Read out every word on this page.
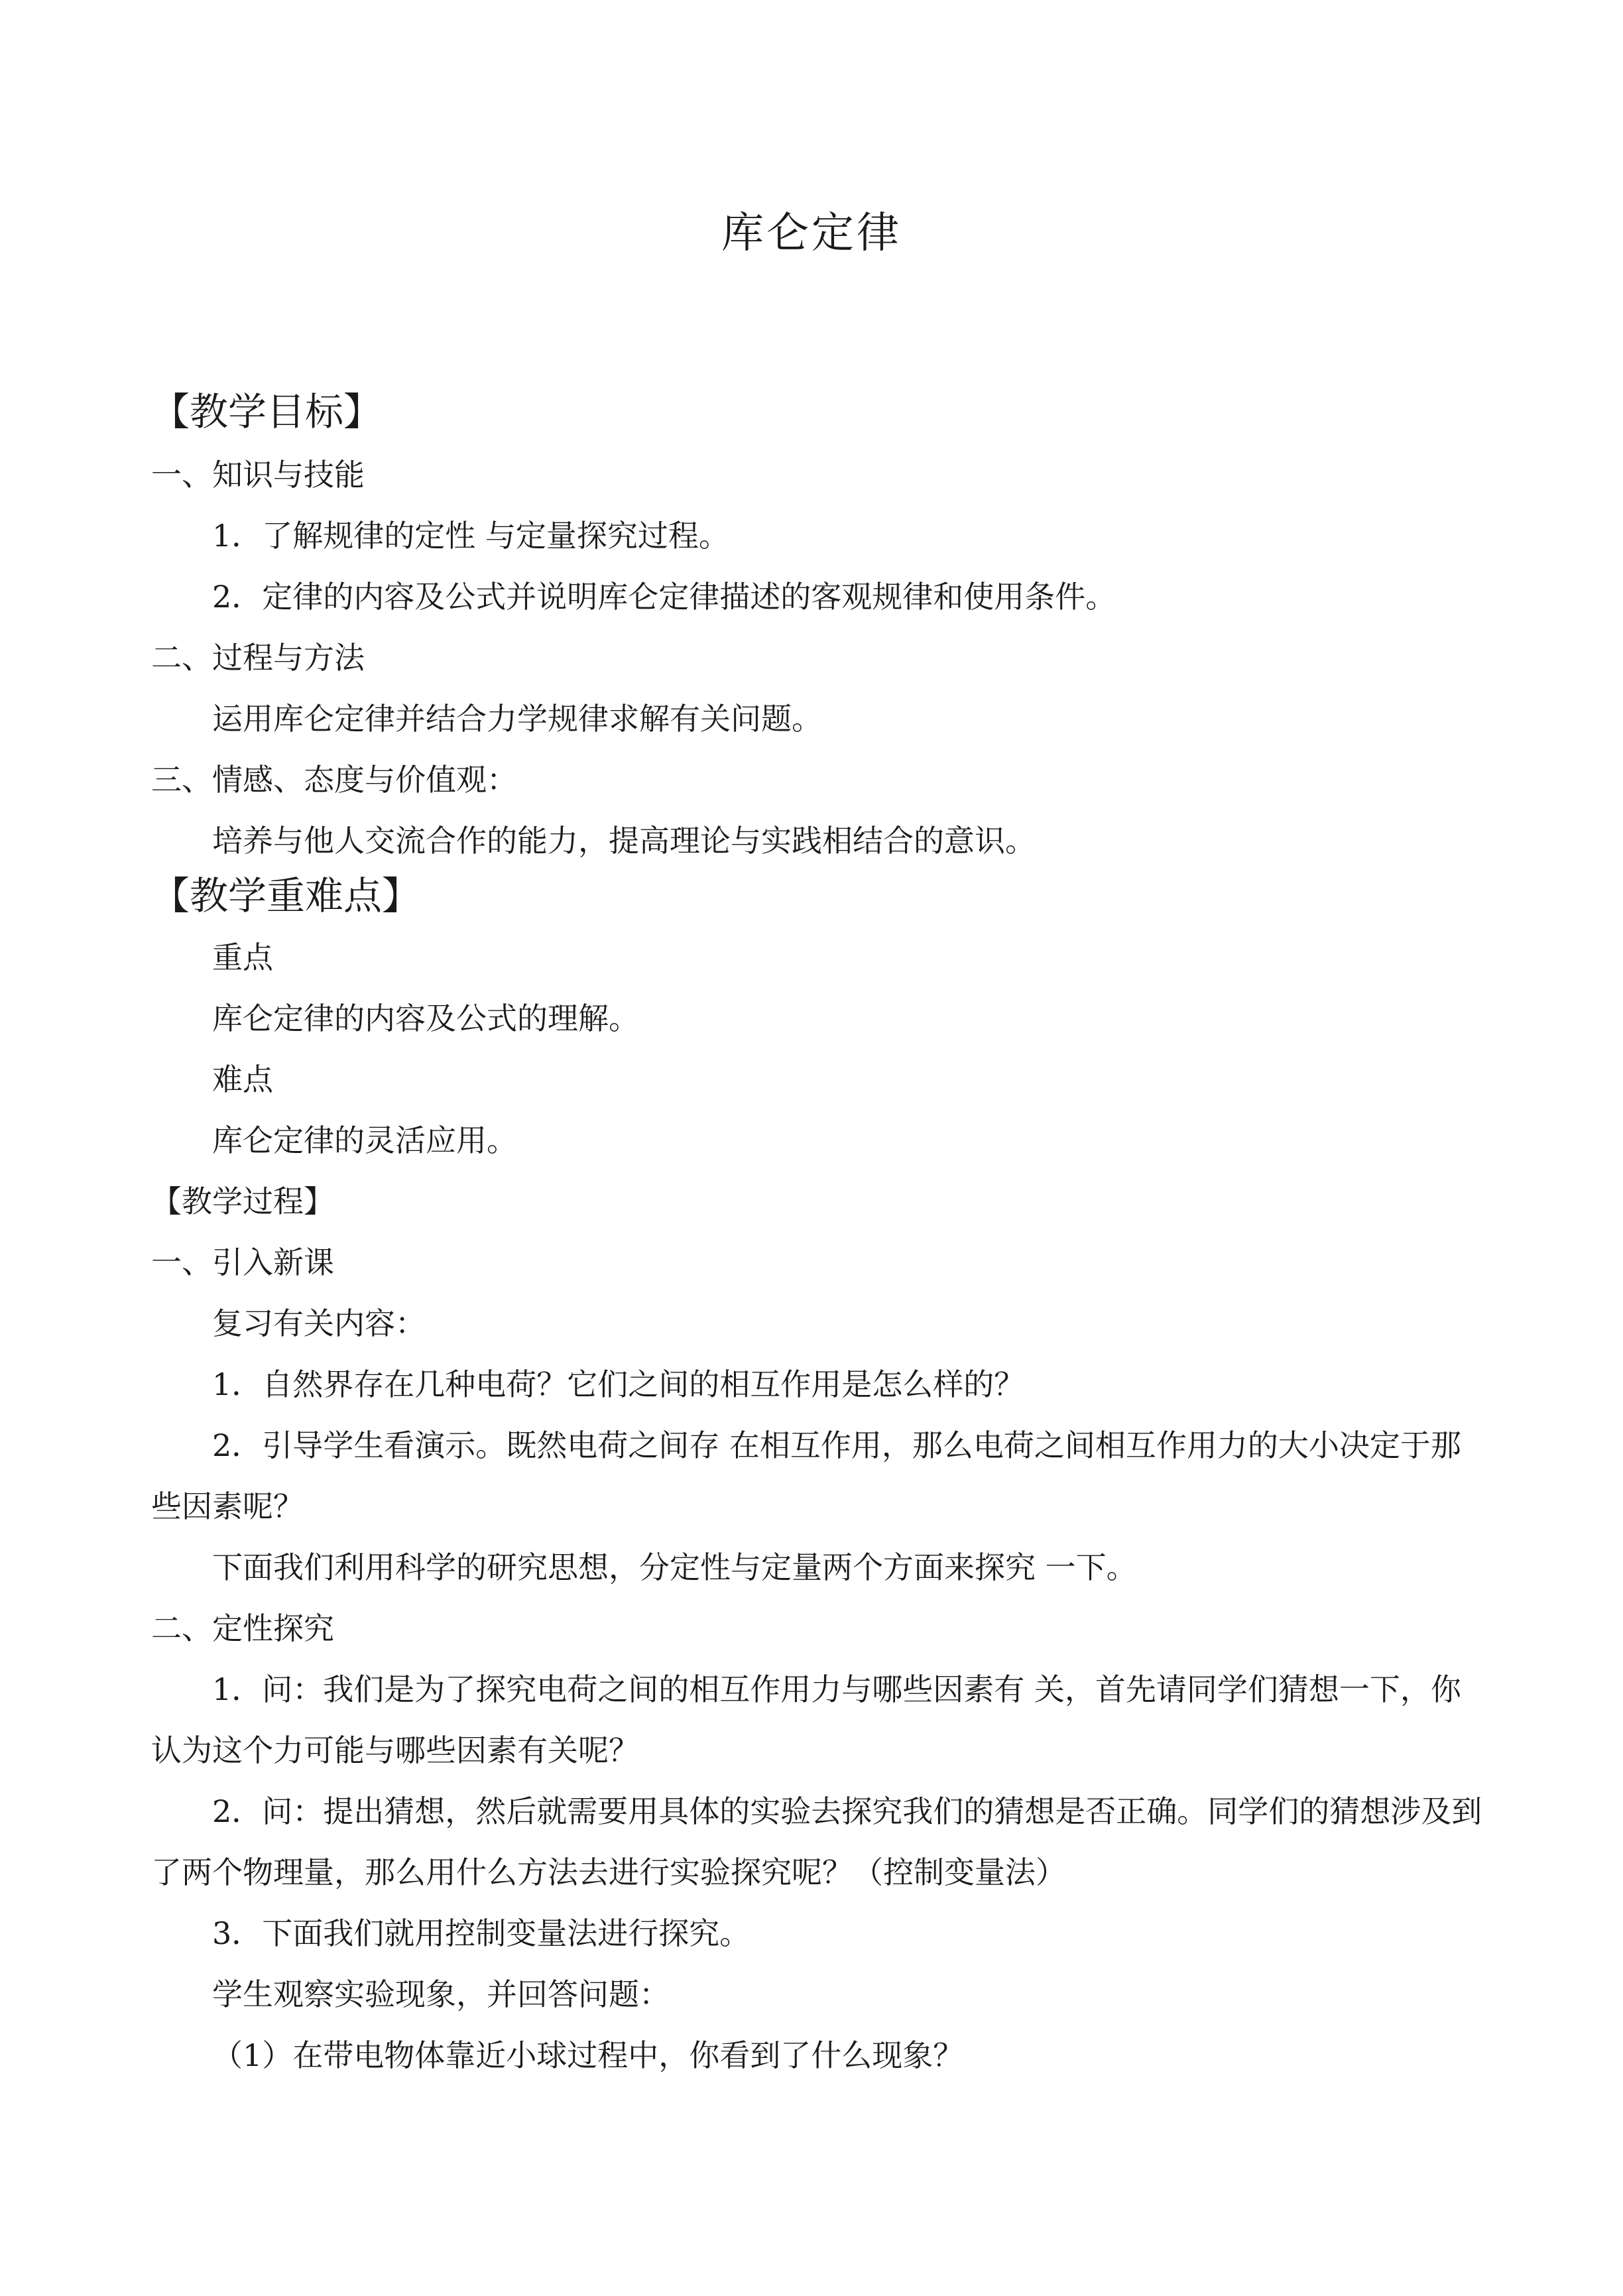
库仑定律
【教学目标】
一、知识与技能
1．了解规律的定性 与定量探究过程。
2．定律的内容及公式并说明库仑定律描述的客观规律和使用条件。
二、过程与方法
运用库仑定律并结合力学规律求解有关问题。
三、情感、态度与价值观：
培养与他人交流合作的能力，提高理论与实践相结合的意识。
【教学重难点】
重点
库仑定律的内容及公式的理解。
难点
库仑定律的灵活应用。
【教学过程】
一、引入新课
复习有关内容：
1．自然界存在几种电荷？它们之间的相互作用是怎么样的？
2．引导学生看演示。既然电荷之间存 在相互作用，那么电荷之间相互作用力的大小决定于那些因素呢？
下面我们利用科学的研究思想，分定性与定量两个方面来探究 一下。
二、定性探究
1．问：我们是为了探究电荷之间的相互作用力与哪些因素有 关，首先请同学们猜想一下，你认为这个力可能与哪些因素有关呢？
2．问：提出猜想，然后就需要用具体的实验去探究我们的猜想是否正确。同学们的猜想涉及到了两个物理量，那么用什么方法去进行实验探究呢？（控制变量法）
3．下面我们就用控制变量法进行探究。
学生观察实验现象，并回答问题：
（1）在带电物体靠近小球过程中，你看到了什么现象？
